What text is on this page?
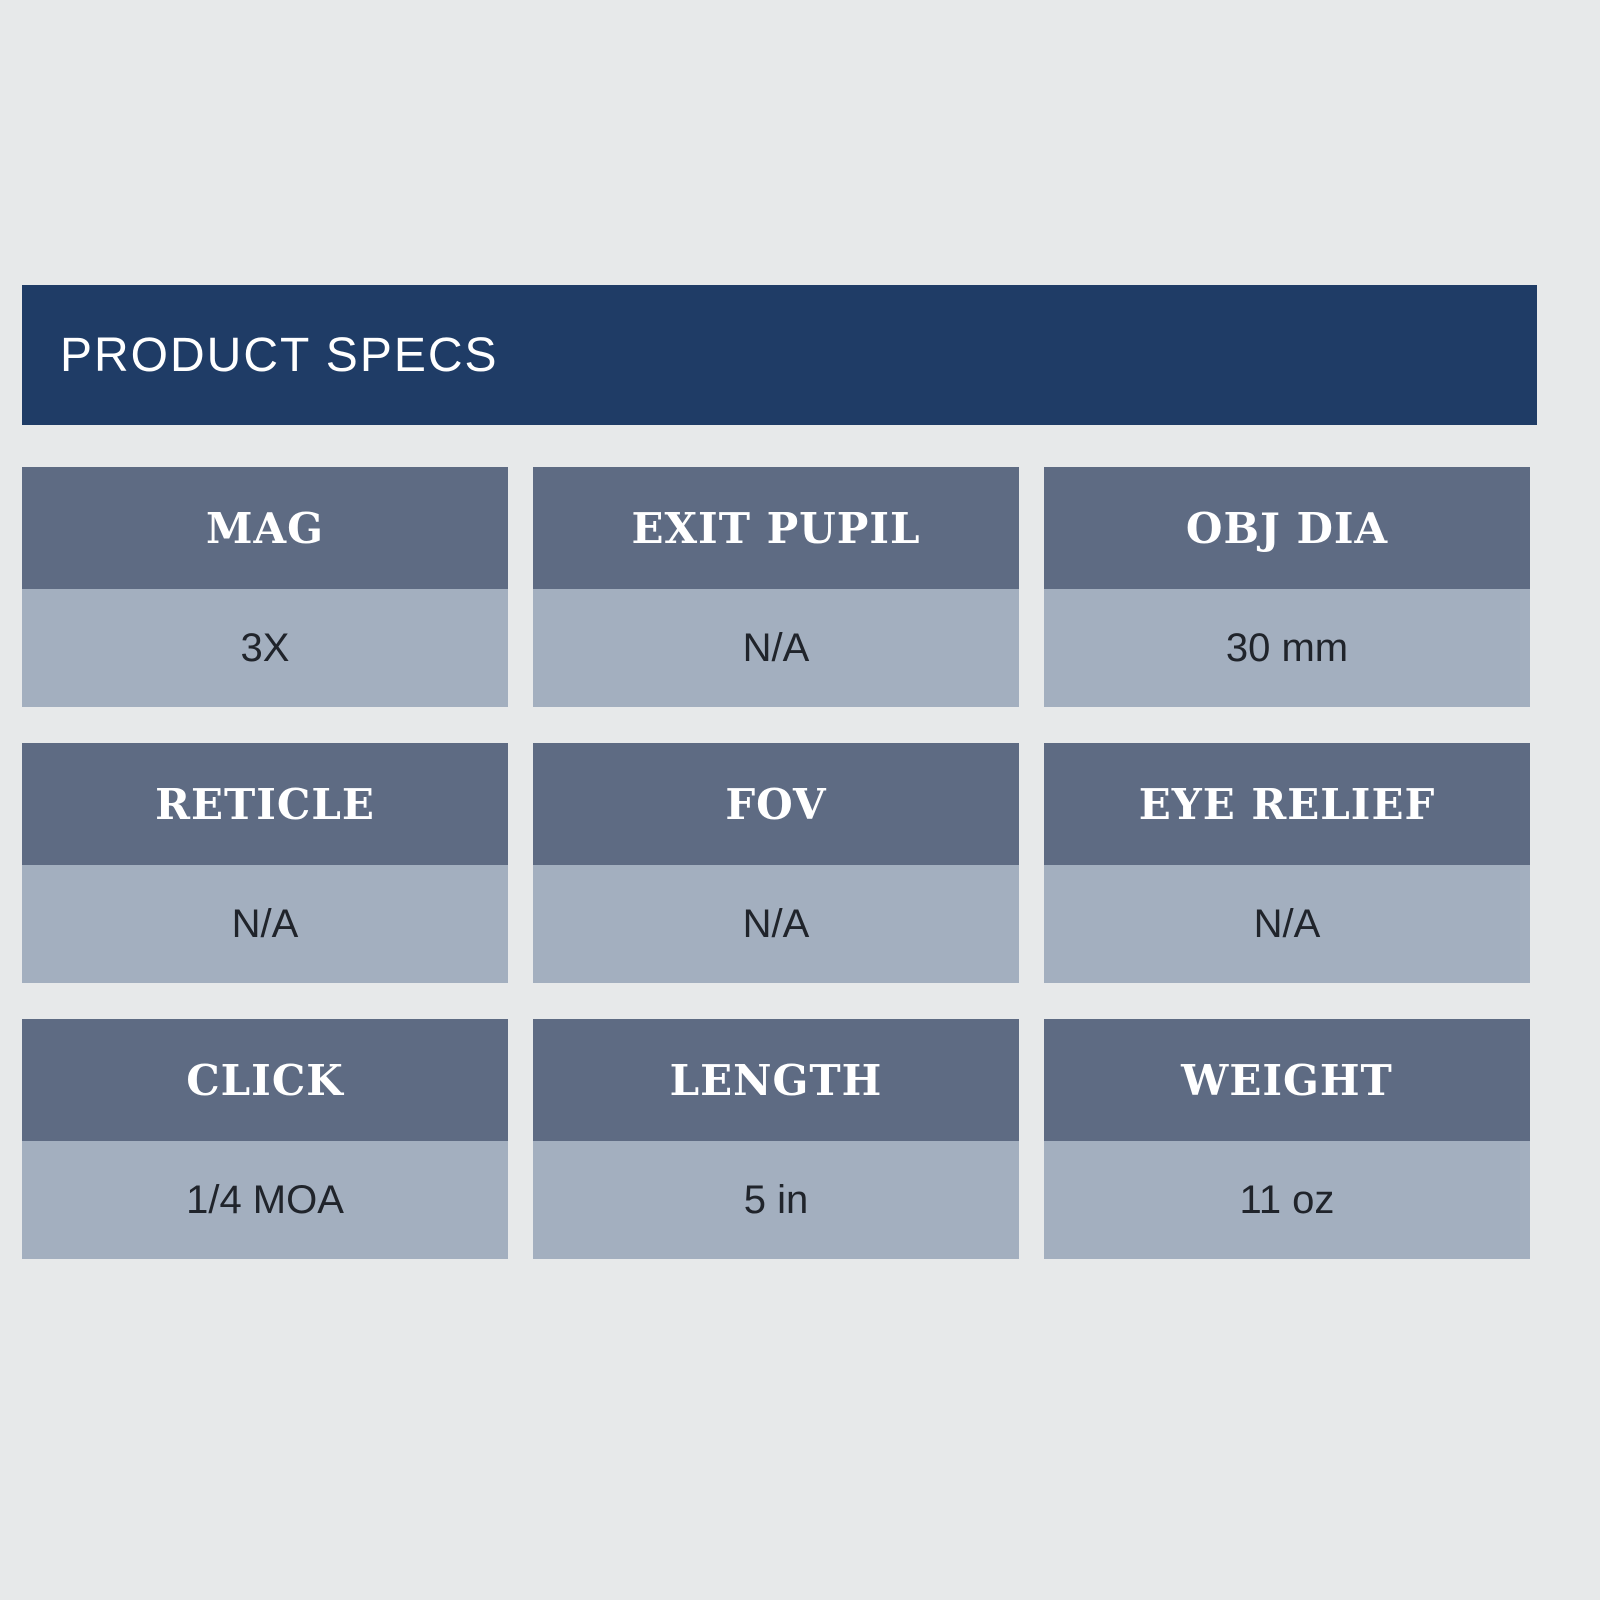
PRODUCT SPECS
MAG
3X
EXIT PUPIL
N/A
OBJ DIA
30 mm
RETICLE
N/A
FOV
N/A
EYE RELIEF
N/A
CLICK
1/4 MOA
LENGTH
5 in
WEIGHT
11 oz
